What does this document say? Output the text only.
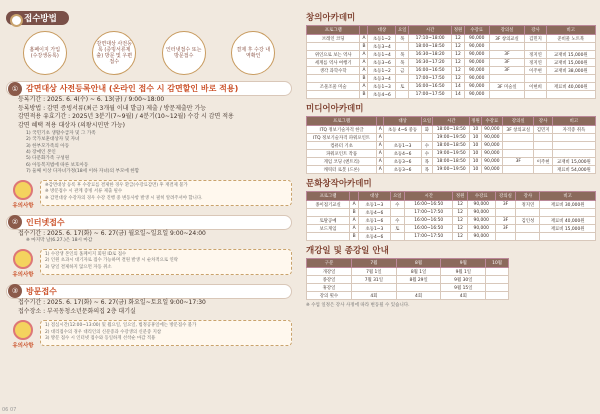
접수방법
홈페이지 가입 (수강생등록)
감면대상 사전등록 (증빙서류제출) 방문 및 우편접수
인터넷접수 또는 방문접수
결제 후 수강 내역확인
① 감면대상 사전등록안내 (온라인 접수 시 감면할인 바로 적용)
등록기간 : 2025. 6. 4(수) ~ 6. 13(금) / 9:00~18:00
등록방법 : 감면 증빙서류(최근 3개월 이내 발급) 제출 / 방문제출만 가능
감면적용 유효기간 : 2025년 3분기(7~9월) / 4분기(10~12월) 수강 시 감면 적용
감면 혜택 적용 대상자 (의왕시민만 가능)
1) 국민기초 생활수급자 및 그 가족
2) 국가보훈대상자 및 자녀
3) 한부모가족의 아동
4) 장애인 본인
5) 다문화가족 구성원
6) 아동복지법에 따른 보호아동
7) 둘째 이상 다자녀가정(18세 이하 자녀)의 부모에 한함
유의사항
※감면대상 등록 후 수강료를 결제한 경우 환급(수강료감면) 후 재결제 불가
※ 방문접수 시 관계 증빙 서류 제출 필수
※ 감면대상 수강자의 경우 수강 진행 중 변동사항 발생 시 필히 알려주셔야 합니다.
② 인터넷접수
접수기간 : 2025. 6. 17(화) ~ 6. 27(금) 월요일~일요일 9:00~24:00
※ 마지막 날(6.27.)은 18시 마감
유의사항
1) 수강생 본인의 홈페이지 회원 ID로 접수
2) 인원 초과시 대기자로 접수 가능하며 결원 발생 시 순차적으로 연락
3) 당일 결제하지 않으면 자동 취소
③ 방문접수
접수기간 : 2025. 6. 17(화) ~ 6. 27(금) 화요일~토요일 9:00~17:30
접수장소 : 부곡동청소년문화의집 2층 대기실
유의사항
1) 점심시간(12:00~13:00) 및 월요일, 일요일, 법정공휴일에는 방문접수 불가
2) 대리접수의 경우 대리인의 신분증과 수강생의 신분증 지참
3) 방문 접수 시 인터넷 접수와 동일하게 선착순 마감 적용
창의아카데미
프로그램		대상	요일	시간	정원	수강료	강의실	강사	비고
브레인 코딩	A	초등1~2	목	17:10~18:00	12	90,000	3F 창의교실	김민지	준비물 노트북
	B	초등3~4		18:00~18:50	12	90,000			
위인으로 보는 역사	A	초등1~4	목	16:30~18:20	12	90,000	3F	정지연	교재비 15,000원
세계를 역사 여행기	A	초등3~6	목	16:30~17:20	12	90,000	3F	정지연	교재비 15,000원
생각 과학수학	A	초등1~2	금	16:00~16:50	12	90,000	3F	이주현	교재비 38,000원
	B	초등3~4		17:00~17:50	12	90,000			
조물조물 미술	A	초등1~3	토	16:00~16:50	14	90,000	3F 미술실	이현희	재료비 40,000원
	B	초등4~6		17:00~17:50	14	90,000			
미디어아카데미
프로그램		대상	요일	시간	정원	수강료	강의실	강사	비고
ITQ 정보기술자격 한글	A	초등 4~6 중등	화	18:00~18:50	10	90,000	3F 창의교실	김민지	자격증 취득
ITQ 정보기술자격 파워포인트	A			19:00~19:50	10	90,000			
컴퓨터 기초	A	초등1~3	수	18:00~18:50	10	90,000			
파워포인트 작품	A	초등4~6	수	19:00~19:50	10	90,000			
게임 코딩 (엔트리)	A	초등3~6	목	18:00~18:50	10	90,000	3F	이주현	교재비 15,000원
캐릭터 로봇 (드론)	A	초등3~6	목	19:00~19:50	10	90,000			재료비 54,000원
문화창작아카데미
프로그램		대상	요일	시간	정원	수강료	강의실	강사	비고
종이접기교실	A	초등1~3	수	16:00~16:50	12	90,000	3F	정지연	재료비 30,000원
	B	초등4~6		17:00~17:50	12	90,000			
토탈공예	A	초등1~6	수	16:00~16:50	12	90,000	3F	김인성	재료비 40,000원
보드게임	A	초등1~3	토	16:00~16:50	12	90,000	3F		재료비 15,000원
	B	초등4~6		17:00~17:50	12	90,000			
개강일 및 종강일 안내
구분	7월	8월	9월	10월
개강일	7월 1일	8월 1일	9월 1일	
종강일	7월 31일	8월 29일	9월 30일	
휴강일			9월 15일	
강의 횟수	4회	4회	4회	
※ 수업 일정은 강사 사정에 따라 변동될 수 있습니다.
06 07
